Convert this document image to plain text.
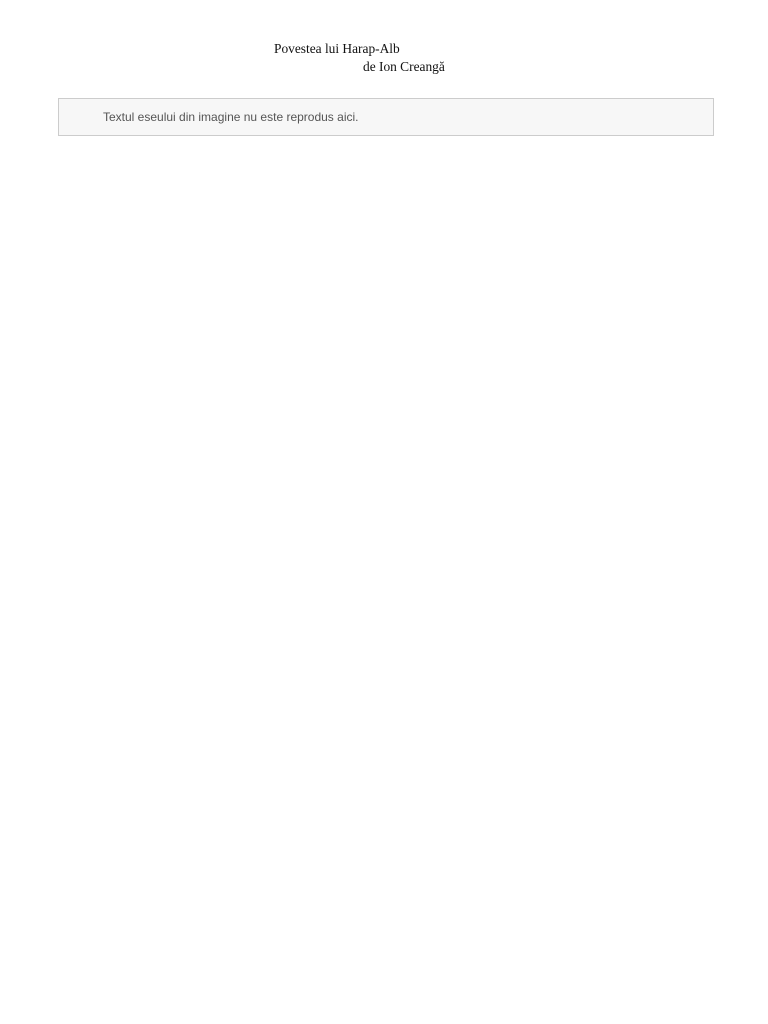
Povestea lui Harap-Alb
de Ion Creangă

Textul eseului din imagine nu este reprodus aici.
